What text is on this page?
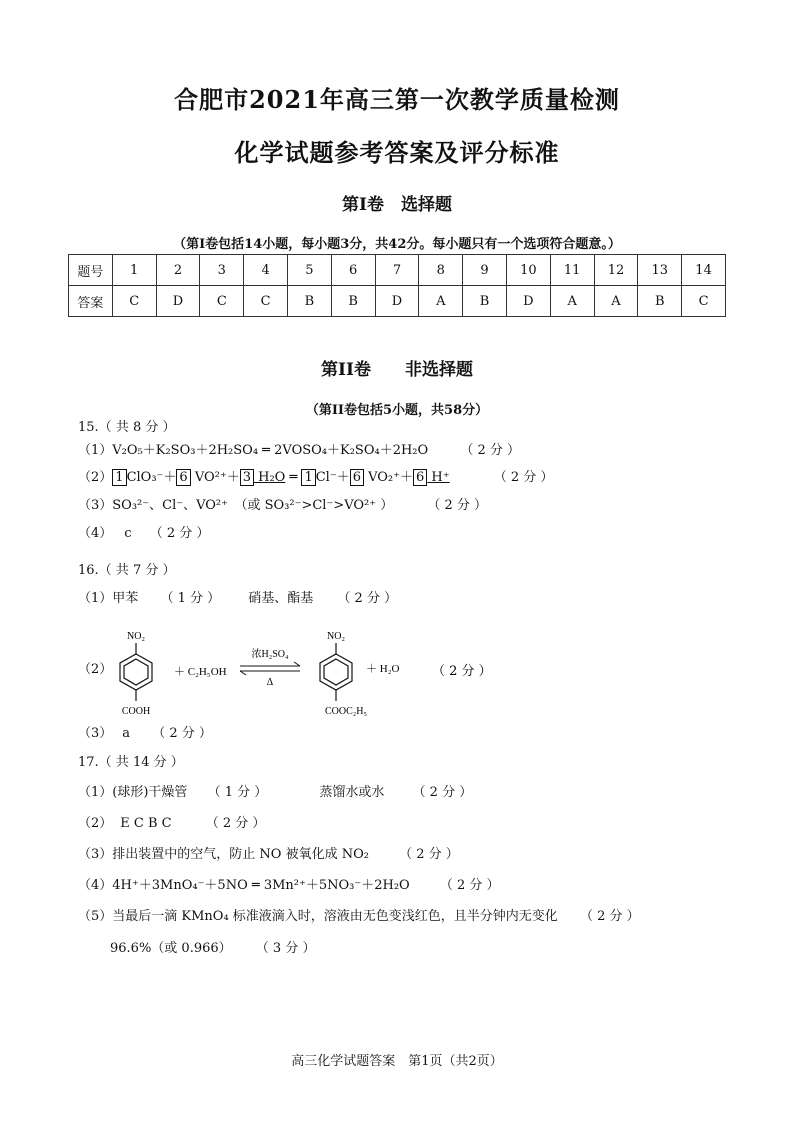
合肥市2021年高三第一次教学质量检测
化学试题参考答案及评分标准
第Ⅰ卷　选择题
（第Ⅰ卷包括14小题，每小题3分，共42分。每小题只有一个选项符合题意。）
题号	1	2	3	4	5	6	7	8	9	10	11	12	13	14
答案	C	D	C	C	B	B	D	A	B	D	A	A	B	C
第II卷　　非选择题
（第II卷包括5小题，共58分）
15.（ 共 8 分 ）
（1）V₂O₅＋K₂SO₃＋2H₂SO₄ ═ 2VOSO₄＋K₂SO₄＋2H₂O （ 2 分 ）
（2） 1 ClO₃⁻＋ 6 VO²⁺＋ 3 H₂O ═ 1 Cl⁻＋ 6 VO₂⁺＋ 6 H⁺	（ 2 分 ）
（3）SO₃²⁻、Cl⁻、VO²⁺　（或 SO₃²⁻>Cl⁻>VO²⁺ ）	（ 2 分 ）
（4） c （ 2 分 ）
16.（ 共 7 分 ）
（1）甲苯 （ 1 分 ） 硝基、酯基 （ 2 分 ）
（2）
NO₂
COOH
＋ C₂H₅OH
浓H₂SO₄
Δ
NO₂
COOC₂H₅
＋ H₂O	（ 2 分 ）
（3） a （ 2 分 ）
17.（ 共 14 分 ）
（1）(球形)干燥管 （ 1 分 ）	蒸馏水或水 （ 2 分 ）
（2） E C B C	（ 2 分 ）
（3）排出装置中的空气，防止 NO 被氧化成 NO₂ （ 2 分 ）
（4）4H⁺＋3MnO₄⁻＋5NO ═ 3Mn²⁺＋5NO₃⁻＋2H₂O （ 2 分 ）
（5）当最后一滴 KMnO₄ 标准液滴入时，溶液由无色变浅红色，且半分钟内无变化 （ 2 分 ）
96.6%（或 0.966） （ 3 分 ）
高三化学试题答案　第1页（共2页）
